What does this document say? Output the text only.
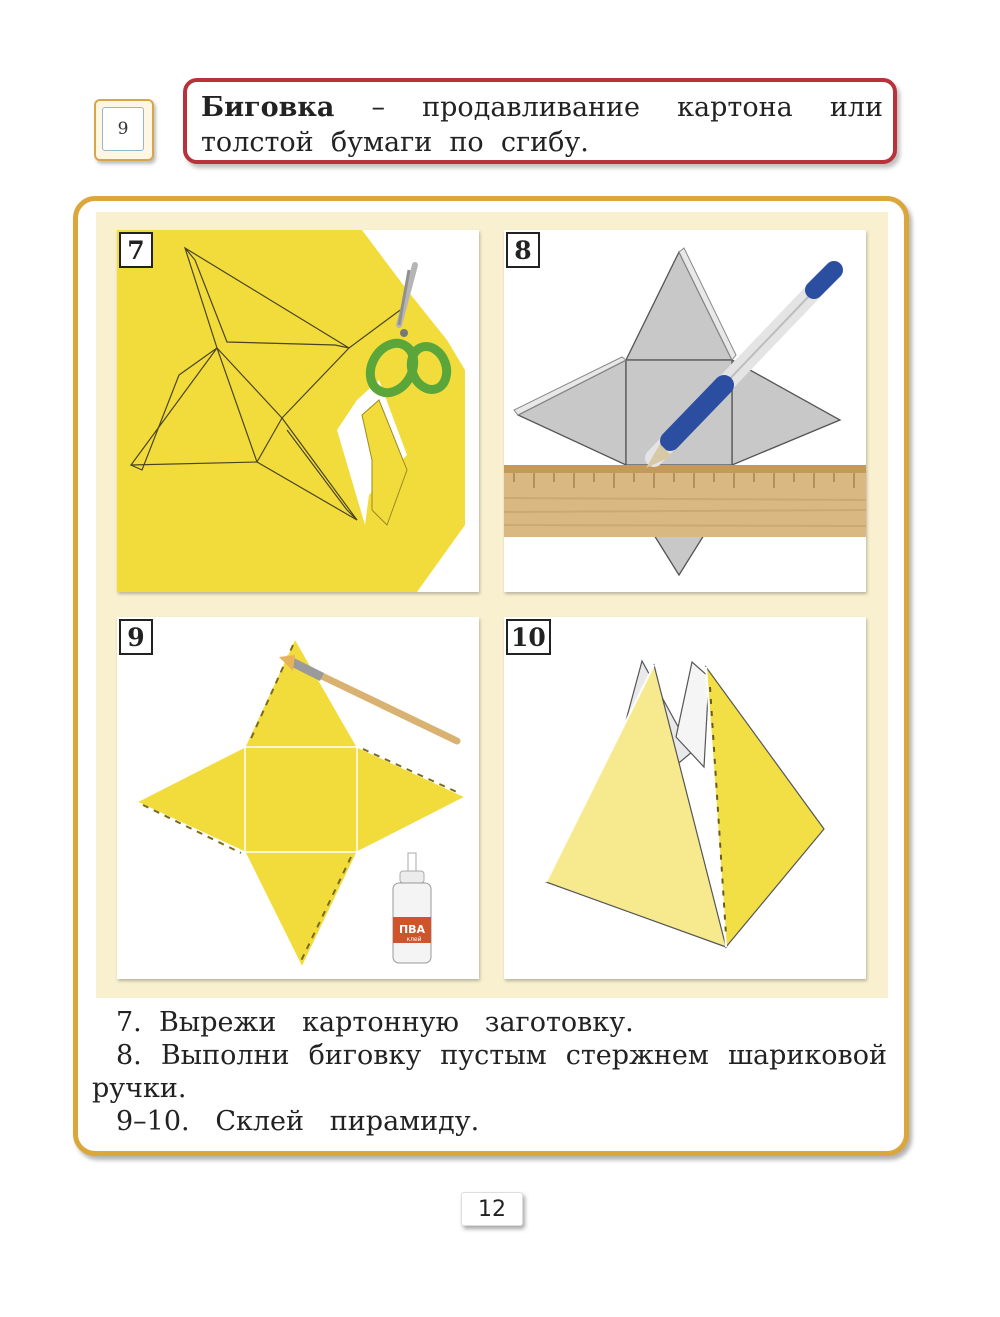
9
Биговка – продавливание картона или
толстой бумаги по сгибу.
7	8
ПВА
клей
9	10
7. Вырежи картонную заготовку.
8. Выполни биговку пустым стержнем шариковой
ручки.
9–10. Склей пирамиду.
12
